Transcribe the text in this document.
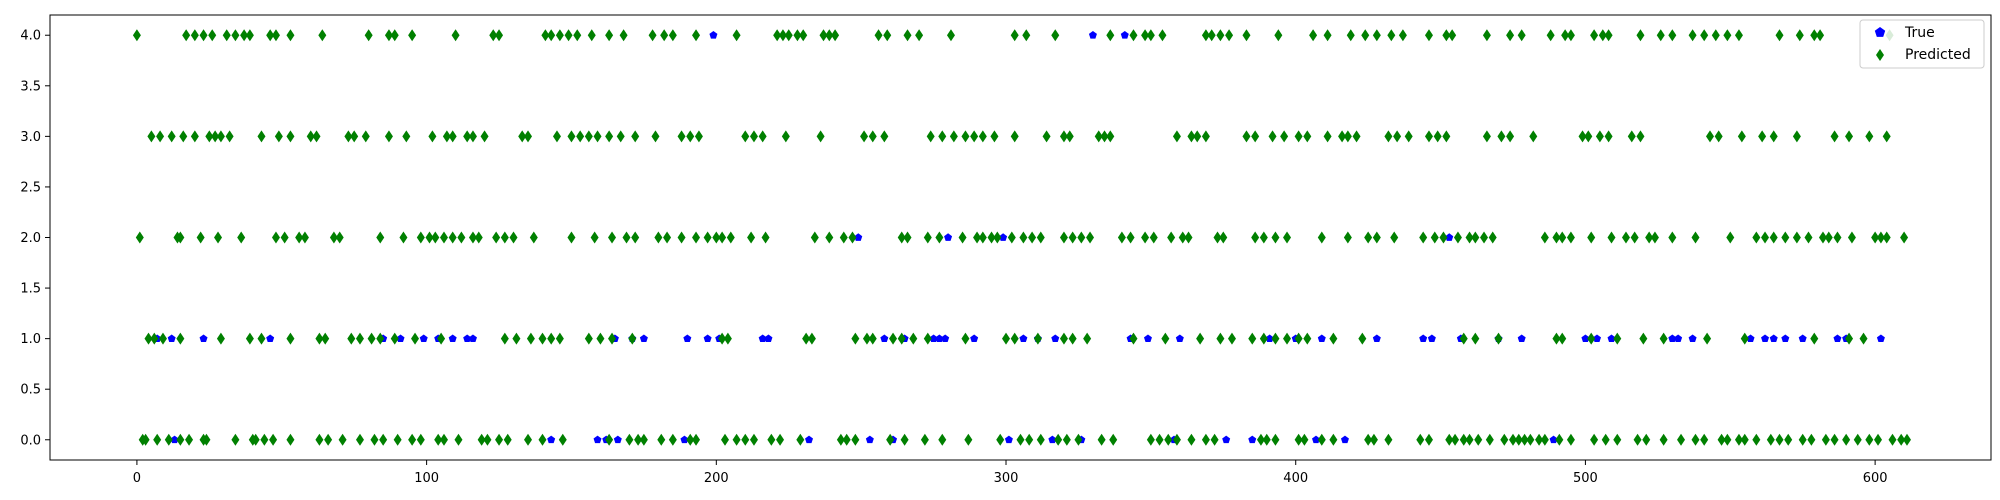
0	100	200	300	400	500	600
0.0
0.5
1.0
1.5
2.0
2.5
3.0
3.5
4.0	True
Predicted
